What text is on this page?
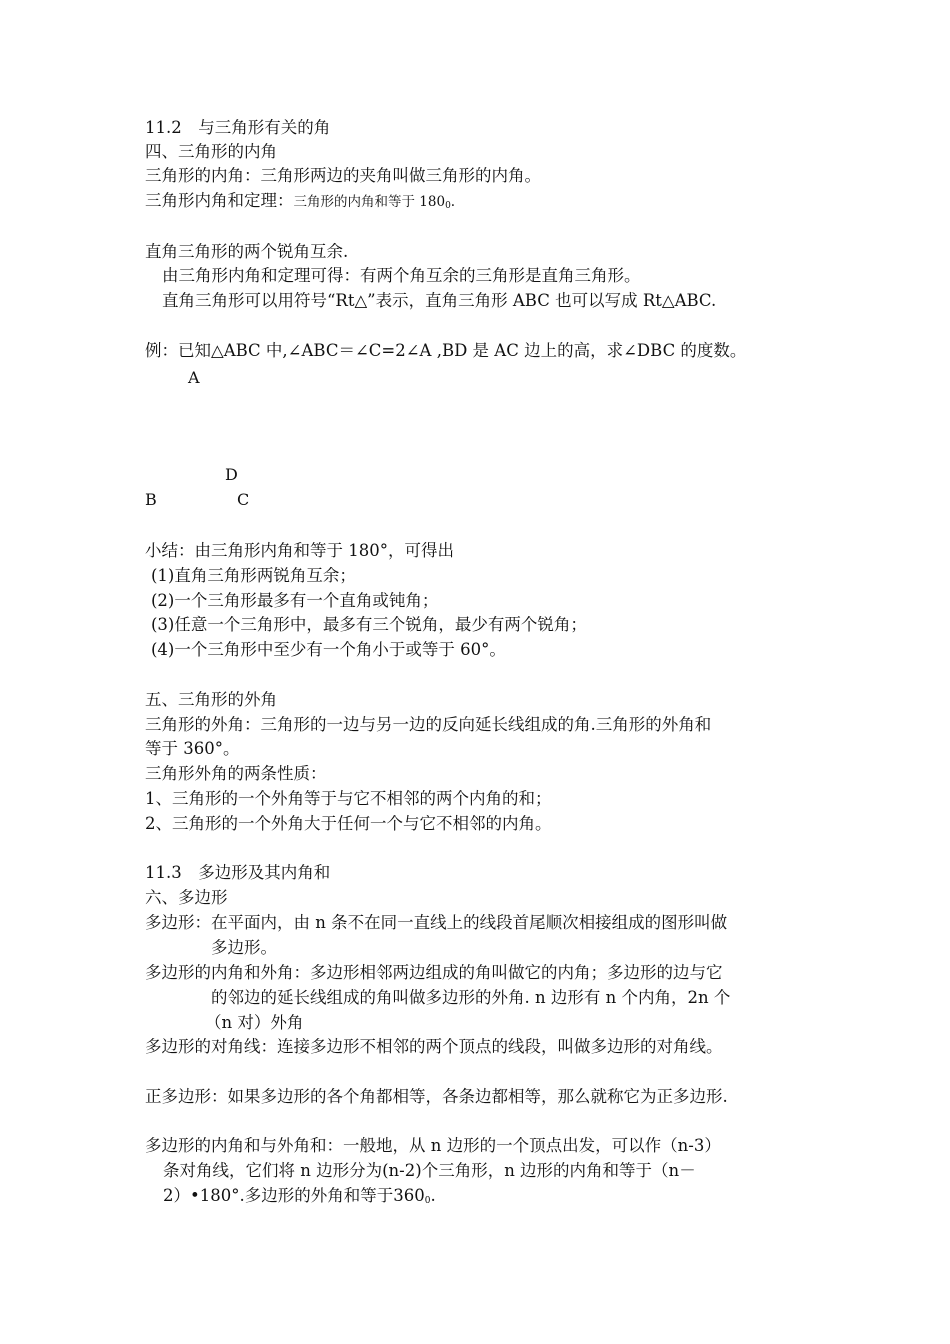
11.2　与三角形有关的角
四、三角形的内角
三角形的内角：三角形两边的夹角叫做三角形的内角。
三角形内角和定理：三角形的内角和等于 $180_0$.
直角三角形的两个锐角互余.
由三角形内角和定理可得：有两个角互余的三角形是直角三角形。
直角三角形可以用符号“Rt△”表示，直角三角形 ABC 也可以写成 Rt△ABC.
例：已知△ABC 中,∠ABC＝∠C=2∠A ,BD 是 AC 边上的高，求∠DBC 的度数。
A
D
B	C
小结：由三角形内角和等于 180°，可得出
(1)直角三角形两锐角互余；
(2)一个三角形最多有一个直角或钝角；
(3)任意一个三角形中，最多有三个锐角，最少有两个锐角；
(4)一个三角形中至少有一个角小于或等于 60°。
五、三角形的外角
三角形的外角：三角形的一边与另一边的反向延长线组成的角.三角形的外角和
等于 360°。
三角形外角的两条性质：
1、三角形的一个外角等于与它不相邻的两个内角的和；
2、三角形的一个外角大于任何一个与它不相邻的内角。
11.3　多边形及其内角和
六、多边形
多边形：在平面内，由 n 条不在同一直线上的线段首尾顺次相接组成的图形叫做
多边形。
多边形的内角和外角：多边形相邻两边组成的角叫做它的内角；多边形的边与它
的邻边的延长线组成的角叫做多边形的外角. n 边形有 n 个内角，2n 个
（n 对）外角
多边形的对角线：连接多边形不相邻的两个顶点的线段，叫做多边形的对角线。
正多边形：如果多边形的各个角都相等，各条边都相等，那么就称它为正多边形.
多边形的内角和与外角和：一般地，从 n 边形的一个顶点出发，可以作（n-3）
条对角线，它们将 n 边形分为(n-2)个三角形，n 边形的内角和等于（n－
2）•180°.多边形的外角和等于$360_0$.
